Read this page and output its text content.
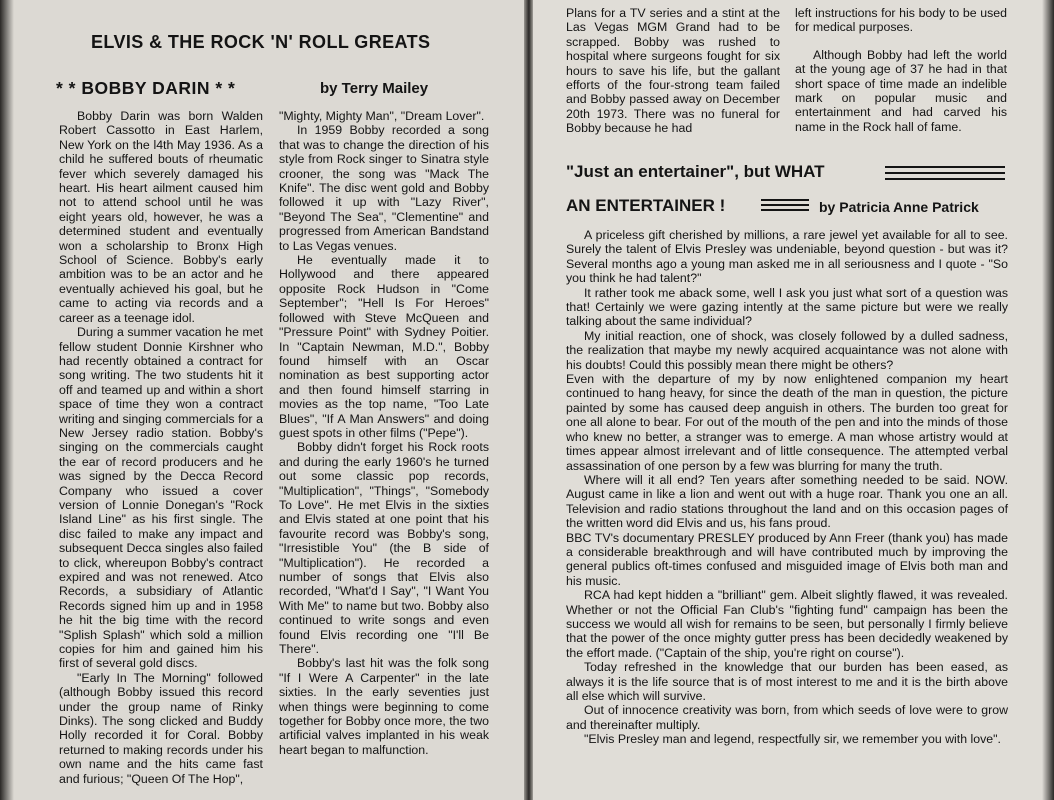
ELVIS & THE ROCK 'N' ROLL GREATS
* * BOBBY DARIN * *	by Terry Mailey

Bobby Darin was born Walden Robert Cassotto in East Harlem, New York on the l4th May 1936. As a child he suffered bouts of rheumatic fever which severely damaged his heart. His heart ailment caused him not to attend school until he was eight years old, however, he was a determined student and eventually won a scholarship to Bronx High School of Science. Bobby's early ambition was to be an actor and he eventually achieved his goal, but he came to acting via records and a career as a teenage idol.

During a summer vacation he met fellow student Donnie Kirshner who had recently obtained a contract for song writing. The two students hit it off and teamed up and within a short space of time they won a contract writing and singing commercials for a New Jersey radio station. Bobby's singing on the commercials caught the ear of record producers and he was signed by the Decca Record Company who issued a cover version of Lonnie Donegan's "Rock Island Line" as his first single. The disc failed to make any impact and subsequent Decca singles also failed to click, whereupon Bobby's contract expired and was not renewed. Atco Records, a subsidiary of Atlantic Records signed him up and in 1958 he hit the big time with the record "Splish Splash" which sold a million copies for him and gained him his first of several gold discs.

"Early In The Morning" followed (although Bobby issued this record under the group name of Rinky Dinks). The song clicked and Buddy Holly recorded it for Coral. Bobby returned to making records under his own name and the hits came fast and furious; "Queen Of The Hop",

"Mighty, Mighty Man", "Dream Lover".

In 1959 Bobby recorded a song that was to change the direction of his style from Rock singer to Sinatra style crooner, the song was "Mack The Knife". The disc went gold and Bobby followed it up with "Lazy River", "Beyond The Sea", "Clementine" and progressed from American Bandstand to Las Vegas venues.

He eventually made it to Hollywood and there appeared opposite Rock Hudson in "Come September"; "Hell Is For Heroes" followed with Steve McQueen and "Pressure Point" with Sydney Poitier. In "Captain Newman, M.D.", Bobby found himself with an Oscar nomination as best supporting actor and then found himself starring in movies as the top name, "Too Late Blues", "If A Man Answers" and doing guest spots in other films ("Pepe").

Bobby didn't forget his Rock roots and during the early 1960's he turned out some classic pop records, "Multiplication", "Things", "Somebody To Love". He met Elvis in the sixties and Elvis stated at one point that his favourite record was Bobby's song, "Irresistible You" (the B side of "Multiplication"). He recorded a number of songs that Elvis also recorded, "What'd I Say", "I Want You With Me" to name but two. Bobby also continued to write songs and even found Elvis recording one "I'll Be There".

Bobby's last hit was the folk song "If I Were A Carpenter" in the late sixties. In the early seventies just when things were beginning to come together for Bobby once more, the two artificial valves implanted in his weak heart began to malfunction.

Plans for a TV series and a stint at the Las Vegas MGM Grand had to be scrapped. Bobby was rushed to hospital where surgeons fought for six hours to save his life, but the gallant efforts of the four-strong team failed and Bobby passed away on December 20th 1973. There was no funeral for Bobby because he had

left instructions for his body to be used for medical purposes.

Although Bobby had left the world at the young age of 37 he had in that short space of time made an indelible mark on popular music and entertainment and had carved his name in the Rock hall of fame.

"Just an entertainer", but WHAT
AN ENTERTAINER !	by Patricia Anne Patrick

A priceless gift cherished by millions, a rare jewel yet available for all to see. Surely the talent of Elvis Presley was undeniable, beyond question - but was it? Several months ago a young man asked me in all seriousness and I quote - "So you think he had talent?"

It rather took me aback some, well I ask you just what sort of a question was that! Certainly we were gazing intently at the same picture but were we really talking about the same individual?

My initial reaction, one of shock, was closely followed by a dulled sadness, the realization that maybe my newly acquired acquaintance was not alone with his doubts! Could this possibly mean there might be others?

Even with the departure of my by now enlightened companion my heart continued to hang heavy, for since the death of the man in question, the picture painted by some has caused deep anguish in others. The burden too great for one all alone to bear. For out of the mouth of the pen and into the minds of those who knew no better, a stranger was to emerge. A man whose artistry would at times appear almost irrelevant and of little consequence. The attempted verbal assassination of one person by a few was blurring for many the truth.

Where will it all end? Ten years after something needed to be said. NOW. August came in like a lion and went out with a huge roar. Thank you one an all. Television and radio stations throughout the land and on this occasion pages of the written word did Elvis and us, his fans proud.

BBC TV's documentary PRESLEY produced by Ann Freer (thank you) has made a considerable breakthrough and will have contributed much by improving the general publics oft-times confused and misguided image of Elvis both man and his music.

RCA had kept hidden a "brilliant" gem. Albeit slightly flawed, it was revealed. Whether or not the Official Fan Club's "fighting fund" campaign has been the success we would all wish for remains to be seen, but personally I firmly believe that the power of the once mighty gutter press has been decidedly weakened by the effort made. ("Captain of the ship, you're right on course").

Today refreshed in the knowledge that our burden has been eased, as always it is the life source that is of most interest to me and it is the birth above all else which will survive.

Out of innocence creativity was born, from which seeds of love were to grow and thereinafter multiply.

"Elvis Presley man and legend, respectfully sir, we remember you with love".
